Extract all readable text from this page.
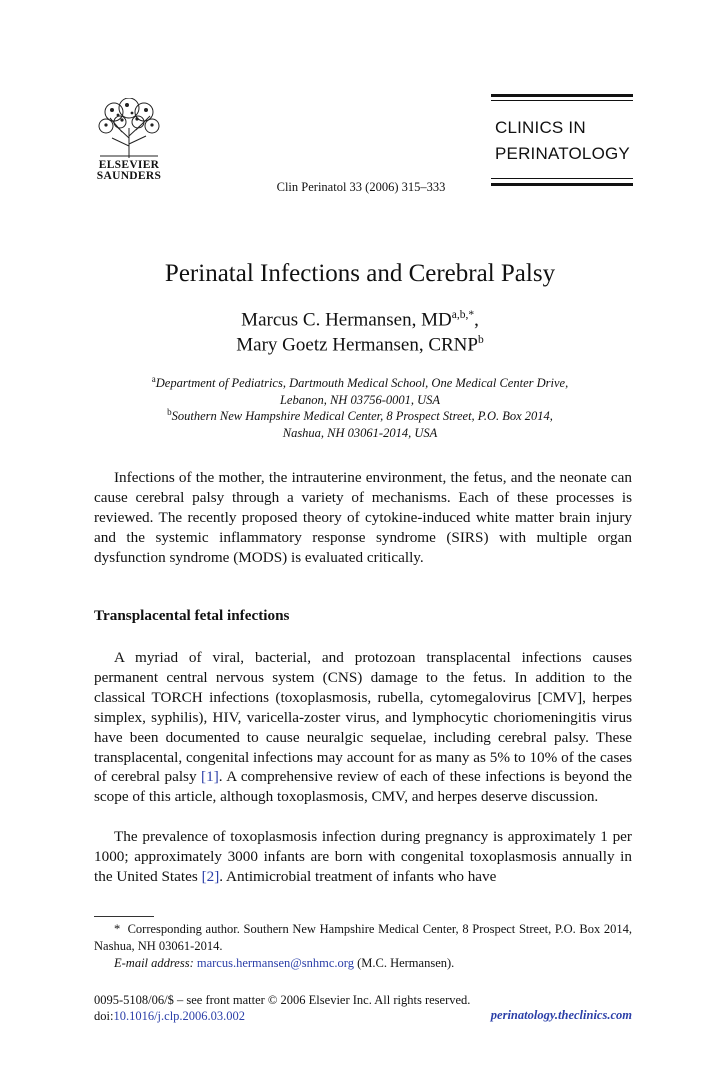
ELSEVIER
SAUNDERS
Clin Perinatol 33 (2006) 315–333
CLINICS IN
PERINATOLOGY
Perinatal Infections and Cerebral Palsy
Marcus C. Hermansen, $MD^{a,b,*}$,
Mary Goetz Hermansen, CRNP$^b$
$^a$Department of Pediatrics, Dartmouth Medical School, One Medical Center Drive,
Lebanon, NH 03756-0001, USA
$^b$Southern New Hampshire Medical Center, 8 Prospect Street, P.O. Box 2014,
Nashua, NH 03061-2014, USA
Infections of the mother, the intrauterine environment, the fetus, and the neonate can cause cerebral palsy through a variety of mechanisms. Each of these processes is reviewed. The recently proposed theory of cytokine-induced white matter brain injury and the systemic inflammatory response syndrome (SIRS) with multiple organ dysfunction syndrome (MODS) is evaluated critically.
Transplacental fetal infections
A myriad of viral, bacterial, and protozoan transplacental infections causes permanent central nervous system (CNS) damage to the fetus. In addition to the classical TORCH infections (toxoplasmosis, rubella, cytomegalovirus [CMV], herpes simplex, syphilis), HIV, varicella-zoster virus, and lymphocytic choriomeningitis virus have been documented to cause neuralgic sequelae, including cerebral palsy. These transplacental, congenital infections may account for as many as 5% to 10% of the cases of cerebral palsy [1]. A comprehensive review of each of these infections is beyond the scope of this article, although toxoplasmosis, CMV, and herpes deserve discussion.
The prevalence of toxoplasmosis infection during pregnancy is approximately 1 per 1000; approximately 3000 infants are born with congenital toxoplasmosis annually in the United States [2]. Antimicrobial treatment of infants who have
* Corresponding author. Southern New Hampshire Medical Center, 8 Prospect Street, P.O. Box 2014, Nashua, NH 03061-2014.
E-mail address: marcus.hermansen@snhmc.org (M.C. Hermansen).
0095-5108/06/$ – see front matter © 2006 Elsevier Inc. All rights reserved.
doi:10.1016/j.clp.2006.03.002	perinatology.theclinics.com
